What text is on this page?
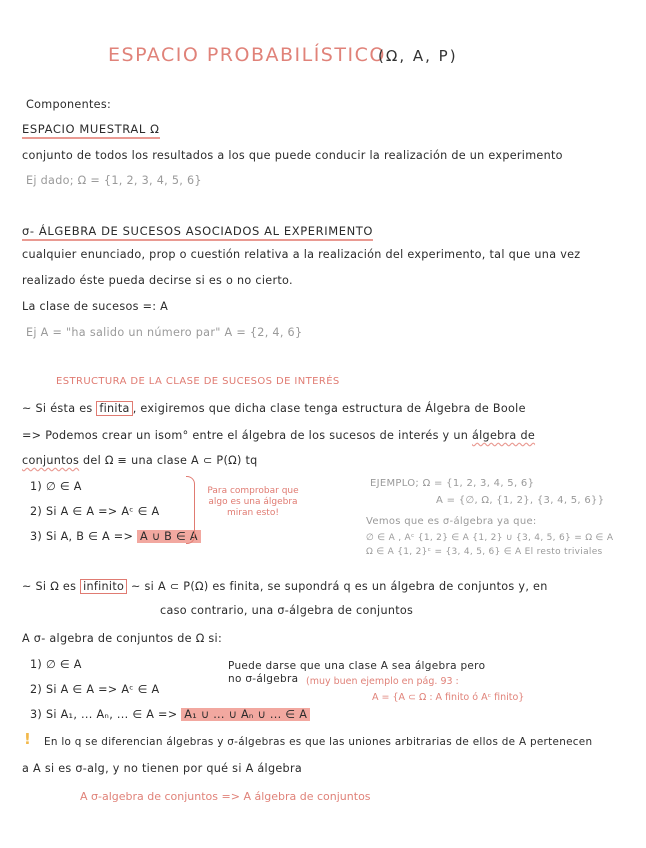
ESPACIO PROBABILÍSTICO
(Ω, A, P)
Componentes:
ESPACIO MUESTRAL Ω
conjunto de todos los resultados a los que puede conducir la realización de un experimento
Ej dado; Ω = {1, 2, 3, 4, 5, 6}
σ- ÁLGEBRA DE SUCESOS ASOCIADOS AL EXPERIMENTO
cualquier enunciado, prop o cuestión relativa a la realización del experimento, tal que una vez
realizado éste pueda decirse si es o no cierto.
La clase de sucesos =: A
Ej A = "ha salido un número par" A = {2, 4, 6}
ESTRUCTURA DE LA CLASE DE SUCESOS DE INTERÉS
~ Si ésta es finita , exigiremos que dicha clase tenga estructura de Álgebra de Boole
=> Podemos crear un isom° entre el álgebra de los sucesos de interés y un álgebra de
conjuntos del Ω ≡ una clase A ⊂ P(Ω) tq
1) ∅ ∈ A
2) Si A ∈ A => Aᶜ ∈ A
3) Si A, B ∈ A => A ∪ B ∈ A
Para comprobar que algo es una álgebra miran esto!
EJEMPLO; Ω = {1, 2, 3, 4, 5, 6}
A = {∅, Ω, {1, 2}, {3, 4, 5, 6}}
Vemos que es σ-álgebra ya que:
∅ ∈ A , Aᶜ {1, 2} ∈ A {1, 2} ∪ {3, 4, 5, 6} = Ω ∈ A
Ω ∈ A {1, 2}ᶜ = {3, 4, 5, 6} ∈ A El resto triviales
~ Si Ω es infinito ~ si A ⊂ P(Ω) es finita, se supondrá q es un álgebra de conjuntos y, en
caso contrario, una σ-álgebra de conjuntos
A σ- algebra de conjuntos de Ω si:
1) ∅ ∈ A
2) Si A ∈ A => Aᶜ ∈ A
3) Si A₁, ... Aₙ, ... ∈ A => A₁ ∪ ... ∪ Aₙ ∪ ... ∈ A
Puede darse que una clase A sea álgebra pero
no σ-álgebra (muy buen ejemplo en pág. 93 :
A = {A ⊂ Ω : A finito ó Aᶜ finito}
! En lo q se diferencian álgebras y σ-álgebras es que las uniones arbitrarias de ellos de A pertenecen
a A si es σ-alg, y no tienen por qué si A álgebra
A σ-algebra de conjuntos => A álgebra de conjuntos
